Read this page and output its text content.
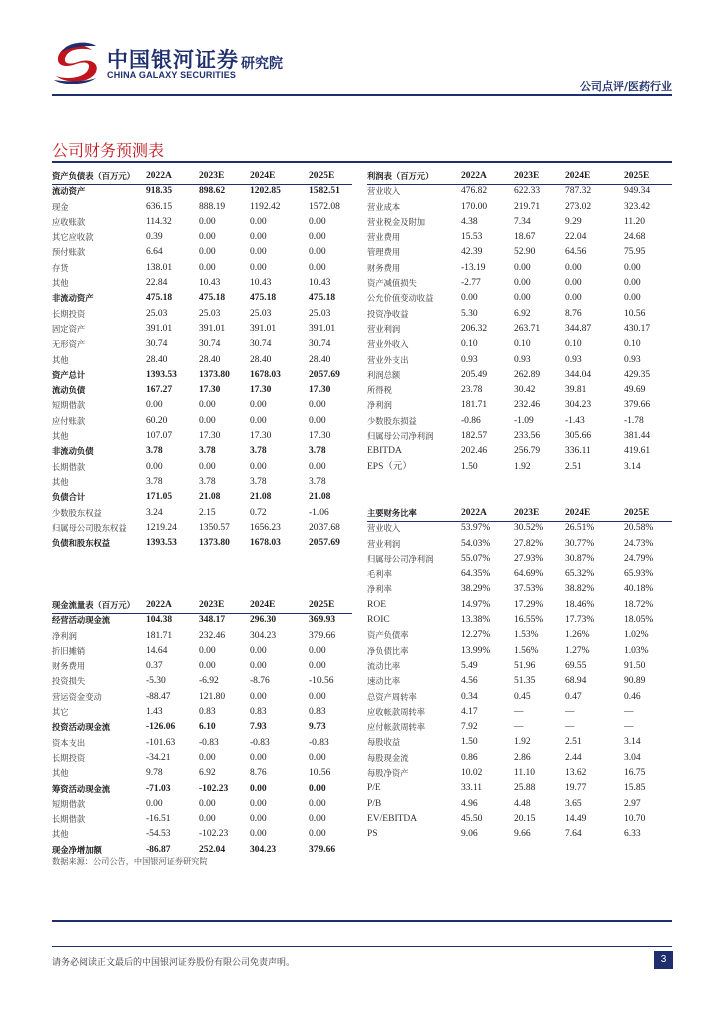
中国银河证券
CHINA GALAXY SECURITIES
研究院
公司点评/医药行业
公司财务预测表
资产负债表（百万元） 2022A	2023E	2024E	2025E
流动资产	918.35	898.62	1202.85	1582.51
现金	636.15	888.19	1192.42	1572.08
应收账款	114.32	0.00	0.00	0.00
其它应收款	0.39	0.00	0.00	0.00
预付账款	6.64	0.00	0.00	0.00
存货	138.01	0.00	0.00	0.00
其他	22.84	10.43	10.43	10.43
非流动资产	475.18	475.18	475.18	475.18
长期投资	25.03	25.03	25.03	25.03
固定资产	391.01	391.01	391.01	391.01
无形资产	30.74	30.74	30.74	30.74
其他	28.40	28.40	28.40	28.40
资产总计	1393.53 1373.80 1678.03	2057.69
流动负债	167.27	17.30	17.30	17.30
短期借款	0.00	0.00	0.00	0.00
应付账款	60.20	0.00	0.00	0.00
其他	107.07	17.30	17.30	17.30
非流动负债	3.78	3.78	3.78	3.78
长期借款	0.00	0.00	0.00	0.00
其他	3.78	3.78	3.78	3.78
负债合计	171.05	21.08	21.08	21.08
少数股东权益	3.24	2.15	0.72	-1.06
归属母公司股东权益 1219.24 1350.57 1656.23	2037.68
负债和股东权益	1393.53 1373.80 1678.03	2057.69
利润表（百万元）	2022A	2023E	2024E	2025E
营业收入	476.82	622.33	787.32	949.34
营业成本	170.00	219.71	273.02	323.42
营业税金及附加	4.38	7.34	9.29	11.20
营业费用	15.53	18.67	22.04	24.68
管理费用	42.39	52.90	64.56	75.95
财务费用	-13.19	0.00	0.00	0.00
资产减值损失	-2.77	0.00	0.00	0.00
公允价值变动收益	0.00	0.00	0.00	0.00
投资净收益	5.30	6.92	8.76	10.56
营业利润	206.32	263.71	344.87	430.17
营业外收入	0.10	0.10	0.10	0.10
营业外支出	0.93	0.93	0.93	0.93
利润总额	205.49	262.89	344.04	429.35
所得税	23.78	30.42	39.81	49.69
净利润	181.71	232.46	304.23	379.66
少数股东损益	-0.86	-1.09	-1.43	-1.78
归属母公司净利润	182.57	233.56	305.66	381.44
EBITDA	202.46	256.79	336.11	419.61
EPS（元）	1.50	1.92	2.51	3.14
主要财务比率	2022A	2023E	2024E	2025E
营业收入	53.97% 30.52% 26.51%	20.58%
营业利润	54.03% 27.82% 30.77%	24.73%
归属母公司净利润	55.07% 27.93% 30.87%	24.79%
毛利率	64.35% 64.69% 65.32%	65.93%
净利率	38.29% 37.53% 38.82%	40.18%
ROE	14.97% 17.29% 18.46%	18.72%
ROIC	13.38% 16.55% 17.73%	18.05%
资产负债率	12.27% 1.53%	1.26%	1.02%
净负债比率	13.99% 1.56%	1.27%	1.03%
流动比率	5.49	51.96	69.55	91.50
速动比率	4.56	51.35	68.94	90.89
总资产周转率	0.34	0.45	0.47	0.46
应收帐款周转率	4.17	—	—	—
应付帐款周转率	7.92	—	—	—
每股收益	1.50	1.92	2.51	3.14
每股现金流	0.86	2.86	2.44	3.04
每股净资产	10.02	11.10	13.62	16.75
P/E	33.11	25.88	19.77	15.85
P/B	4.96	4.48	3.65	2.97
EV/EBITDA	45.50	20.15	14.49	10.70
PS	9.06	9.66	7.64	6.33
现金流量表（百万元） 2022A	2023E	2024E	2025E
经营活动现金流	104.38	348.17	296.30	369.93
净利润	181.71	232.46	304.23	379.66
折旧摊销	14.64	0.00	0.00	0.00
财务费用	0.37	0.00	0.00	0.00
投资损失	-5.30	-6.92	-8.76	-10.56
营运资金变动	-88.47	121.80	0.00	0.00
其它	1.43	0.83	0.83	0.83
投资活动现金流	-126.06 6.10	7.93	9.73
资本支出	-101.63 -0.83	-0.83	-0.83
长期投资	-34.21	0.00	0.00	0.00
其他	9.78	6.92	8.76	10.56
筹资活动现金流	-71.03	-102.23 0.00	0.00
短期借款	0.00	0.00	0.00	0.00
长期借款	-16.51	0.00	0.00	0.00
其他	-54.53	-102.23 0.00	0.00
现金净增加额	-86.87	252.04	304.23	379.66
数据来源：公司公告，中国银河证券研究院
请务必阅读正文最后的中国银河证券股份有限公司免责声明。	3
